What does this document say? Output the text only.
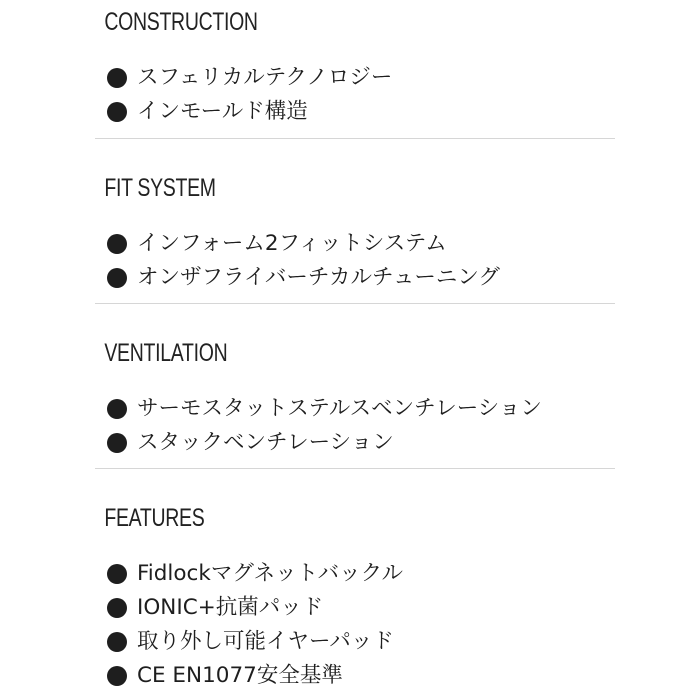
CONSTRUCTION
スフェリカルテクノロジー
インモールド構造
FIT SYSTEM
インフォーム2フィットシステム
オンザフライバーチカルチューニング
VENTILATION
サーモスタットステルスベンチレーション
スタックベンチレーション
FEATURES
Fidlockマグネットバックル
IONIC+抗菌パッド
取り外し可能イヤーパッド
CE EN1077安全基準
